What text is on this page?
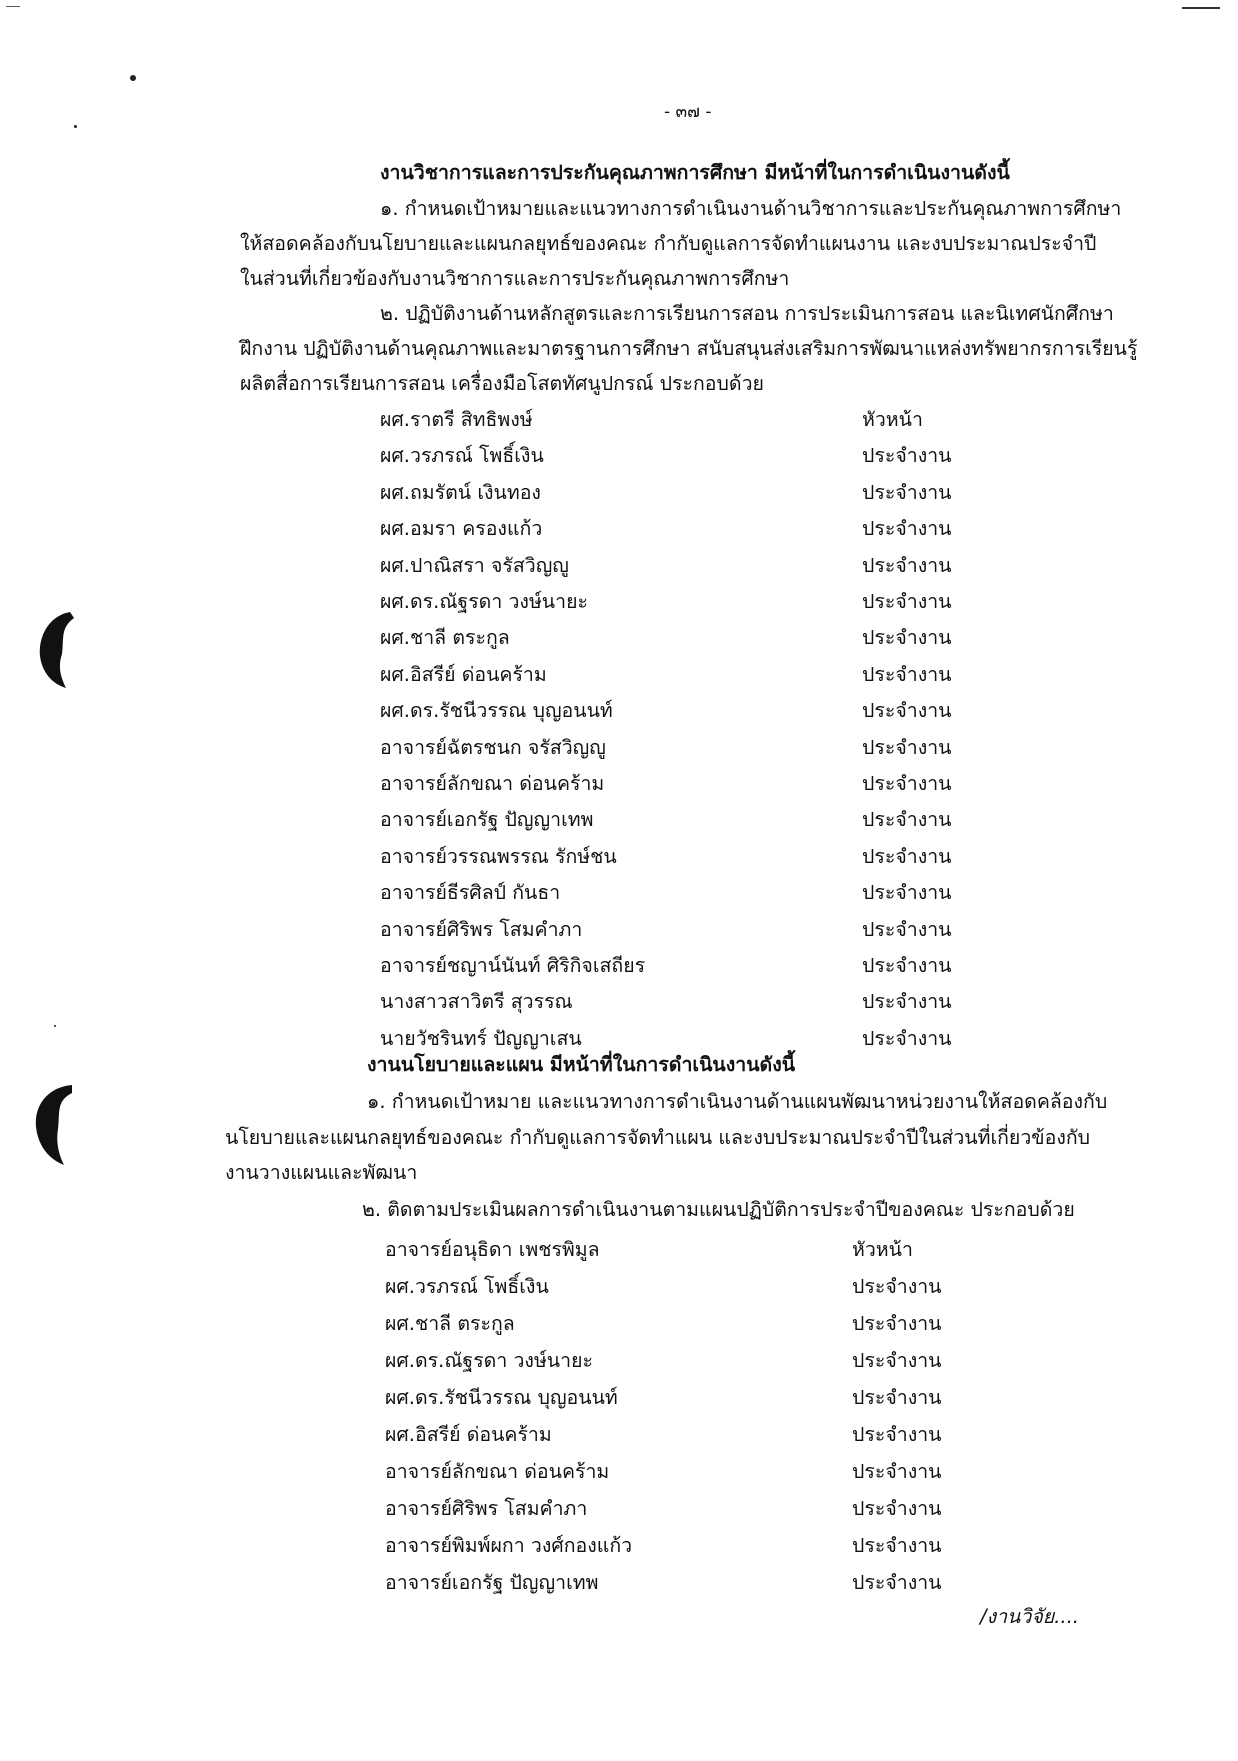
- ๓๗ -
งานวิชาการและการประกันคุณภาพการศึกษา มีหน้าที่ในการดำเนินงานดังนี้
๑. กำหนดเป้าหมายและแนวทางการดำเนินงานด้านวิชาการและประกันคุณภาพการศึกษา
ให้สอดคล้องกับนโยบายและแผนกลยุทธ์ของคณะ กำกับดูแลการจัดทำแผนงาน และงบประมาณประจำปี
ในส่วนที่เกี่ยวข้องกับงานวิชาการและการประกันคุณภาพการศึกษา
๒. ปฏิบัติงานด้านหลักสูตรและการเรียนการสอน การประเมินการสอน และนิเทศนักศึกษา
ฝึกงาน ปฏิบัติงานด้านคุณภาพและมาตรฐานการศึกษา สนับสนุนส่งเสริมการพัฒนาแหล่งทรัพยากรการเรียนรู้
ผลิตสื่อการเรียนการสอน เครื่องมือโสตทัศนูปกรณ์ ประกอบด้วย
ผศ.ราตรี สิทธิพงษ์	หัวหน้า
ผศ.วรภรณ์ โพธิ์เงิน	ประจำงาน
ผศ.ถมรัตน์ เงินทอง	ประจำงาน
ผศ.อมรา ครองแก้ว	ประจำงาน
ผศ.ปาณิสรา จรัสวิญญู	ประจำงาน
ผศ.ดร.ณัฐรดา วงษ์นายะ	ประจำงาน
ผศ.ชาลี ตระกูล	ประจำงาน
ผศ.อิสรีย์ ด่อนคร้าม	ประจำงาน
ผศ.ดร.รัชนีวรรณ บุญอนนท์	ประจำงาน
อาจารย์ฉัตรชนก จรัสวิญญู	ประจำงาน
อาจารย์ลักขณา ด่อนคร้าม	ประจำงาน
อาจารย์เอกรัฐ ปัญญาเทพ	ประจำงาน
อาจารย์วรรณพรรณ รักษ์ชน	ประจำงาน
อาจารย์ธีรศิลป์ กันธา	ประจำงาน
อาจารย์ศิริพร โสมคำภา	ประจำงาน
อาจารย์ชญาน์นันท์ ศิริกิจเสถียร	ประจำงาน
นางสาวสาวิตรี สุวรรณ	ประจำงาน
นายวัชรินทร์ ปัญญาเสน	ประจำงาน
งานนโยบายและแผน มีหน้าที่ในการดำเนินงานดังนี้
๑. กำหนดเป้าหมาย และแนวทางการดำเนินงานด้านแผนพัฒนาหน่วยงานให้สอดคล้องกับ
นโยบายและแผนกลยุทธ์ของคณะ กำกับดูแลการจัดทำแผน และงบประมาณประจำปีในส่วนที่เกี่ยวข้องกับ
งานวางแผนและพัฒนา
๒. ติดตามประเมินผลการดำเนินงานตามแผนปฏิบัติการประจำปีของคณะ ประกอบด้วย
อาจารย์อนุธิดา เพชรพิมูล	หัวหน้า
ผศ.วรภรณ์ โพธิ์เงิน	ประจำงาน
ผศ.ชาลี ตระกูล	ประจำงาน
ผศ.ดร.ณัฐรดา วงษ์นายะ	ประจำงาน
ผศ.ดร.รัชนีวรรณ บุญอนนท์	ประจำงาน
ผศ.อิสรีย์ ด่อนคร้าม	ประจำงาน
อาจารย์ลักขณา ด่อนคร้าม	ประจำงาน
อาจารย์ศิริพร โสมคำภา	ประจำงาน
อาจารย์พิมพ์ผกา วงศ์กองแก้ว	ประจำงาน
อาจารย์เอกรัฐ ปัญญาเทพ	ประจำงาน
/งานวิจัย....
